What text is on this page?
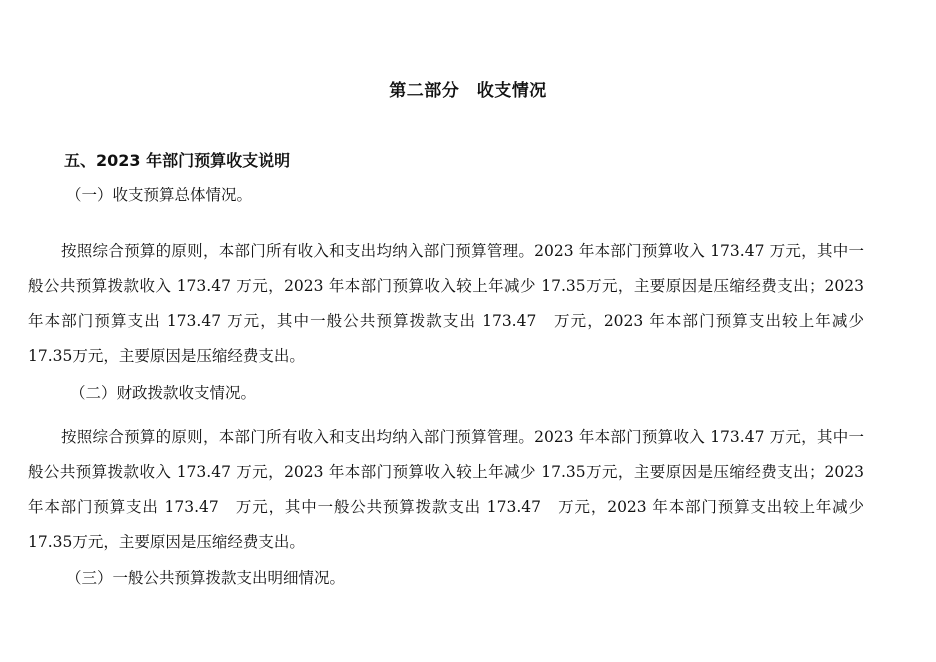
第二部分　收支情况
五、2023 年部门预算收支说明
（一）收支预算总体情况。

按照综合预算的原则，本部门所有收入和支出均纳入部门预算管理。2023 年本部门预算收入 173.47 万元，其中一般公共预算拨款收入 173.47 万元，2023 年本部门预算收入较上年减少 17.35万元，主要原因是压缩经费支出；2023 年本部门预算支出 173.47 万元，其中一般公共预算拨款支出 173.47　万元，2023 年本部门预算支出较上年减少 17.35万元，主要原因是压缩经费支出。

（二）财政拨款收支情况。

按照综合预算的原则，本部门所有收入和支出均纳入部门预算管理。2023 年本部门预算收入 173.47 万元，其中一般公共预算拨款收入 173.47 万元，2023 年本部门预算收入较上年减少 17.35万元，主要原因是压缩经费支出；2023 年本部门预算支出 173.47　万元，其中一般公共预算拨款支出 173.47　万元，2023 年本部门预算支出较上年减少 17.35万元，主要原因是压缩经费支出。

（三）一般公共预算拨款支出明细情况。
